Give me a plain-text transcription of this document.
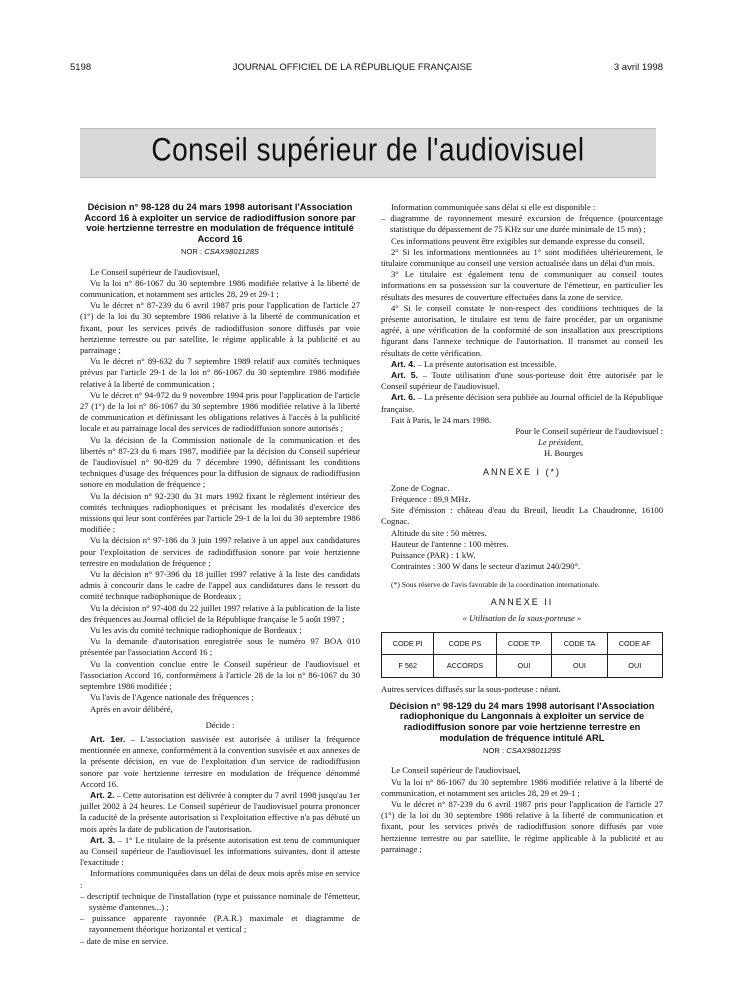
5198	JOURNAL OFFICIEL DE LA RÉPUBLIQUE FRANÇAISE	3 avril 1998
Conseil supérieur de l'audiovisuel
Décision n° 98-128 du 24 mars 1998 autorisant l'Association Accord 16 à exploiter un service de radiodiffusion sonore par voie hertzienne terrestre en modulation de fréquence intitulé Accord 16
NOR : CSAX9801128S

Le Conseil supérieur de l'audiovisuel,

Vu la loi n° 86-1067 du 30 septembre 1986 modifiée relative à la liberté de communication, et notamment ses articles 28, 29 et 29-1 ;

Vu le décret n° 87-239 du 6 avril 1987 pris pour l'application de l'article 27 (1°) de la loi du 30 septembre 1986 relative à la liberté de communication et fixant, pour les services privés de radiodiffusion sonore diffusés par voie hertzienne terrestre ou par satellite, le régime applicable à la publicité et au parrainage ;

Vu le décret n° 89-632 du 7 septembre 1989 relatif aux comités techniques prévus par l'article 29-1 de la loi n° 86-1067 du 30 septembre 1986 modifiée relative à la liberté de communication ;

Vu le décret n° 94-972 du 9 novembre 1994 pris pour l'application de l'article 27 (1°) de la loi n° 86-1067 du 30 septembre 1986 modifiée relative à la liberté de communication et définissant les obligations relatives à l'accès à la publicité locale et au parrainage local des services de radiodiffusion sonore autorisés ;

Vu la décision de la Commission nationale de la communication et des libertés n° 87-23 du 6 mars 1987, modifiée par la décision du Conseil supérieur de l'audiovisuel n° 90-829 du 7 décembre 1990, définissant les conditions techniques d'usage des fréquences pour la diffusion de signaux de radiodiffusion sonore en modulation de fréquence ;

Vu la décision n° 92-230 du 31 mars 1992 fixant le règlement intérieur des comités techniques radiophoniques et précisant les modalités d'exercice des missions qui leur sont conférées par l'article 29-1 de la loi du 30 septembre 1986 modifiée ;

Vu la décision n° 97-186 du 3 juin 1997 relative à un appel aux candidatures pour l'exploitation de services de radiodiffusion sonore par voie hertzienne terrestre en modulation de fréquence ;

Vu la décision n° 97-396 du 18 juillet 1997 relative à la liste des candidats admis à concourir dans le cadre de l'appel aux candidatures dans le ressort du comité technique radiophonique de Bordeaux ;

Vu la décision n° 97-408 du 22 juillet 1997 relative à la publication de la liste des fréquences au Journal officiel de la République française le 5 août 1997 ;

Vu les avis du comité technique radiophonique de Bordeaux ;

Vu la demande d'autorisation enregistrée sous le numéro 97 BOA 010 présentée par l'association Accord 16 ;

Vu la convention conclue entre le Conseil supérieur de l'audiovisuel et l'association Accord 16, conformément à l'article 28 de la loi n° 86-1067 du 30 septembre 1986 modifiée ;

Vu l'avis de l'Agence nationale des fréquences ;

Après en avoir délibéré,

Décide :

Art. 1er. – L'association susvisée est autorisée à utiliser la fréquence mentionnée en annexe, conformément à la convention susvisée et aux annexes de la présente décision, en vue de l'exploitation d'un service de radiodiffusion sonore par voie hertzienne terrestre en modulation de fréquence dénommé Accord 16.

Art. 2. – Cette autorisation est délivrée à compter du 7 avril 1998 jusqu'au 1er juillet 2002 à 24 heures. Le Conseil supérieur de l'audiovisuel pourra prononcer la caducité de la présente autorisation si l'exploitation effective n'a pas débuté un mois après la date de publication de l'autorisation.

Art. 3. – 1° Le titulaire de la présente autorisation est tenu de communiquer au Conseil supérieur de l'audiovisuel les informations suivantes, dont il atteste l'exactitude :

Informations communiquées dans un délai de deux mois après mise en service :

– descriptif technique de l'installation (type et puissance nominale de l'émetteur, système d'antennes...) ;

– puissance apparente rayonnée (P.A.R.) maximale et diagramme de rayonnement théorique horizontal et vertical ;

– date de mise en service.

Information communiquée sans délai si elle est disponible :

– diagramme de rayonnement mesuré excursion de fréquence (pourcentage statistique du dépassement de 75 KHz sur une durée minimale de 15 mn) ;

Ces informations peuvent être exigibles sur demande expresse du conseil.

2° Si les informations mentionnées au 1° sont modifiées ultérieurement, le titulaire communique au conseil une version actualisée dans un délai d'un mois.

3° Le titulaire est également tenu de communiquer au conseil toutes informations en sa possession sur la couverture de l'émetteur, en particulier les résultats des mesures de couverture effectuées dans la zone de service.

4° Si le conseil constate le non-respect des conditions techniques de la présente autorisation, le titulaire est tenu de faire procéder, par un organisme agréé, à une vérification de la conformité de son installation aux prescriptions figurant dans l'annexe technique de l'autorisation. Il transmet au conseil les résultats de cette vérification.

Art. 4. – La présente autorisation est incessible.

Art. 5. – Toute utilisation d'une sous-porteuse doit être autorisée par le Conseil supérieur de l'audiovisuel.

Art. 6. – La présente décision sera publiée au Journal officiel de la République française.

Fait à Paris, le 24 mars 1998.

Pour le Conseil supérieur de l'audiovisuel :

Le président,

H. Bourges

ANNEXE I (*)

Zone de Cognac.

Fréquence : 89,9 MHz.

Site d'émission : château d'eau du Breuil, lieudit La Chaudronne, 16100 Cognac.

Altitude du site : 50 mètres.

Hauteur de l'antenne : 100 mètres.

Puissance (PAR) : 1 kW.

Contraintes : 300 W dans le secteur d'azimut 240/290°.

(*) Sous réserve de l'avis favorable de la coordination internationale.

ANNEXE II

« Utilisation de la sous-porteuse »

CODE PI	CODE PS	CODE TP	CODE TA	CODE AF
F 562	ACCORDS	OUI	OUI	OUI

Autres services diffusés sur la sous-porteuse : néant.

Décision n° 98-129 du 24 mars 1998 autorisant l'Association radiophonique du Langonnais à exploiter un service de radiodiffusion sonore par voie hertzienne terrestre en modulation de fréquence intitulé ARL
NOR : CSAX9801129S

Le Conseil supérieur de l'audiovisuel,

Vu la loi n° 86-1067 du 30 septembre 1986 modifiée relative à la liberté de communication, et notamment ses articles 28, 29 et 29-1 ;

Vu le décret n° 87-239 du 6 avril 1987 pris pour l'application de l'article 27 (1°) de la loi du 30 septembre 1986 relative à la liberté de communication et fixant, pour les services privés de radiodiffusion sonore diffusés par voie hertzienne terrestre ou par satellite, le régime applicable à la publicité et au parrainage ;
